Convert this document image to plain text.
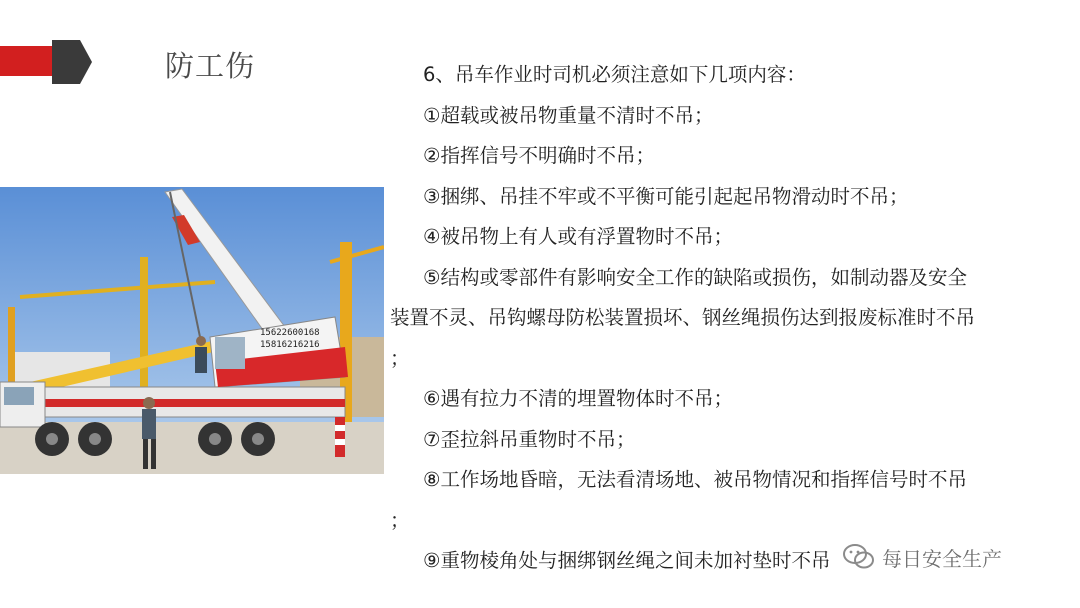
防工伤
15622600168
15816216216

6、吊车作业时司机必须注意如下几项内容：

①超载或被吊物重量不清时不吊；

②指挥信号不明确时不吊；

③捆绑、吊挂不牢或不平衡可能引起起吊物滑动时不吊；

④被吊物上有人或有浮置物时不吊；

⑤结构或零部件有影响安全工作的缺陷或损伤，如制动器及安全

装置不灵、吊钩螺母防松装置损坏、钢丝绳损伤达到报废标准时不吊

；

⑥遇有拉力不清的埋置物体时不吊；

⑦歪拉斜吊重物时不吊；

⑧工作场地昏暗，无法看清场地、被吊物情况和指挥信号时不吊

；

⑨重物棱角处与捆绑钢丝绳之间未加衬垫时不吊	每日安全生产
